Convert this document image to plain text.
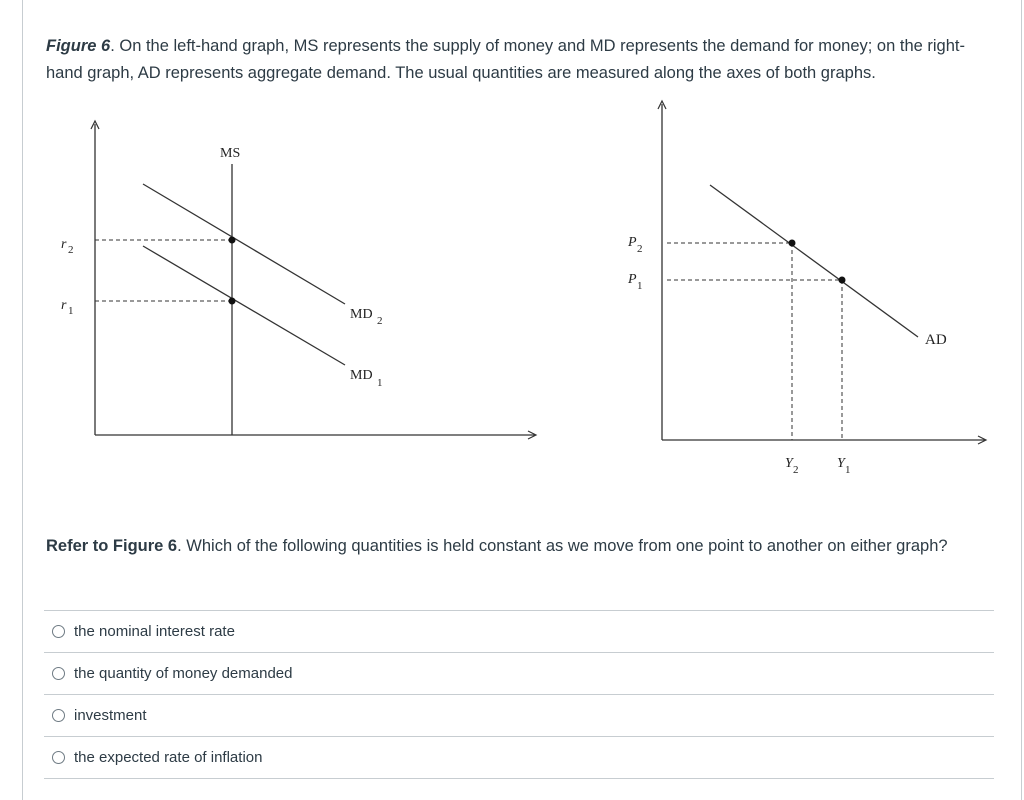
Figure 6. On the left-hand graph, MS represents the supply of money and MD represents the demand for money; on the right-hand graph, AD represents aggregate demand. The usual quantities are measured along the axes of both graphs.
MS
r 2
r 1	MD 2
MD 1
P 2
P 1
AD
Y 2	Y 1
Refer to Figure 6. Which of the following quantities is held constant as we move from one point to another on either graph?
the nominal interest rate
the quantity of money demanded
investment
the expected rate of inflation
